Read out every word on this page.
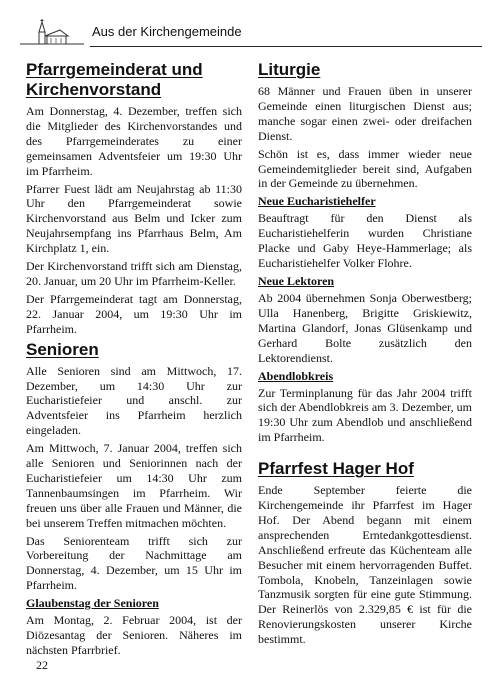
Aus der Kirchengemeinde
Pfarrgemeinderat und Kirchenvorstand

Am Donnerstag, 4. Dezember, treffen sich die Mitglieder des Kirchenvorstandes und des Pfarrgemeinderates zu einer gemeinsamen Adventsfeier um 19:30 Uhr im Pfarrheim.

Pfarrer Fuest lädt am Neujahrstag ab 11:30 Uhr den Pfarrgemeinderat sowie Kirchenvorstand aus Belm und Icker zum Neujahrsempfang ins Pfarrhaus Belm, Am Kirchplatz 1, ein.

Der Kirchenvorstand trifft sich am Dienstag, 20. Januar, um 20 Uhr im Pfarrheim-Keller.

Der Pfarrgemeinderat tagt am Donnerstag, 22. Januar 2004, um 19:30 Uhr im Pfarrheim.

Senioren

Alle Senioren sind am Mittwoch, 17. Dezember, um 14:30 Uhr zur Eucharistiefeier und anschl. zur Adventsfeier ins Pfarrheim herzlich eingeladen.

Am Mittwoch, 7. Januar 2004, treffen sich alle Senioren und Seniorinnen nach der Eucharistiefeier um 14:30 Uhr zum Tannenbaumsingen im Pfarrheim. Wir freuen uns über alle Frauen und Männer, die bei unserem Treffen mitmachen möchten.

Das Seniorenteam trifft sich zur Vorbereitung der Nachmittage am Donnerstag, 4. Dezember, um 15 Uhr im Pfarrheim.

Glaubenstag der Senioren

Am Montag, 2. Februar 2004, ist der Diözesantag der Senioren. Näheres im nächsten Pfarrbrief.

Liturgie

68 Männer und Frauen üben in unserer Gemeinde einen liturgischen Dienst aus; manche sogar einen zwei- oder dreifachen Dienst.

Schön ist es, dass immer wieder neue Gemeindemitglieder bereit sind, Aufgaben in der Gemeinde zu übernehmen.

Neue Eucharistiehelfer

Beauftragt für den Dienst als Eucharistiehelferin wurden Christiane Placke und Gaby Heye-Hammerlage; als Eucharistiehelfer Volker Flohre.

Neue Lektoren

Ab 2004 übernehmen Sonja Oberwestberg; Ulla Hanenberg, Brigitte Griskiewitz, Martina Glandorf, Jonas Glüsenkamp und Gerhard Bolte zusätzlich den Lektorendienst.

Abendlobkreis

Zur Terminplanung für das Jahr 2004 trifft sich der Abendlobkreis am 3. Dezember, um 19:30 Uhr zum Abendlob und anschließend im Pfarrheim.

Pfarrfest Hager Hof

Ende September feierte die Kirchengemeinde ihr Pfarrfest im Hager Hof. Der Abend begann mit einem ansprechenden Erntedankgottesdienst. Anschließend erfreute das Küchenteam alle Besucher mit einem hervorragenden Buffet. Tombola, Knobeln, Tanzeinlagen sowie Tanzmusik sorgten für eine gute Stimmung. Der Reinerlös von 2.329,85 € ist für die Renovierungskosten unserer Kirche bestimmt.

22
